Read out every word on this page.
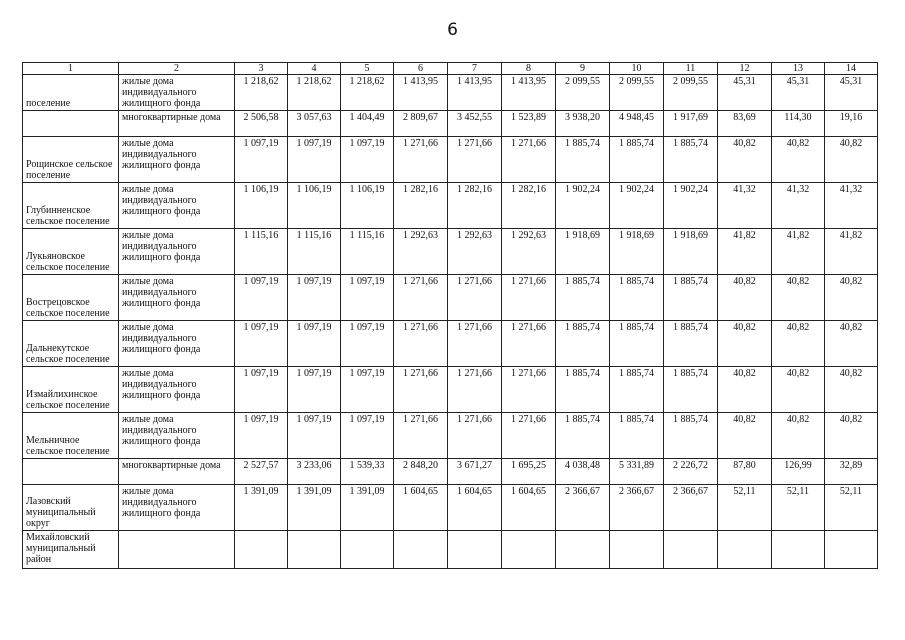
6
1	2	3	4	5	6	7	8	9	10	11	12	13	14
поселение	жилые дома индивидуального жилищного фонда	1 218,62	1 218,62	1 218,62	1 413,95	1 413,95	1 413,95	2 099,55	2 099,55	2 099,55	45,31	45,31	45,31
	многоквартирные дома	2 506,58	3 057,63	1 404,49	2 809,67	3 452,55	1 523,89	3 938,20	4 948,45	1 917,69	83,69	114,30	19,16
Рощинское сельское поселение	жилые дома индивидуального жилищного фонда	1 097,19	1 097,19	1 097,19	1 271,66	1 271,66	1 271,66	1 885,74	1 885,74	1 885,74	40,82	40,82	40,82
Глубинненское сельское поселение	жилые дома индивидуального жилищного фонда	1 106,19	1 106,19	1 106,19	1 282,16	1 282,16	1 282,16	1 902,24	1 902,24	1 902,24	41,32	41,32	41,32
Лукьяновское сельское поселение	жилые дома индивидуального жилищного фонда	1 115,16	1 115,16	1 115,16	1 292,63	1 292,63	1 292,63	1 918,69	1 918,69	1 918,69	41,82	41,82	41,82
Вострецовское сельское поселение	жилые дома индивидуального жилищного фонда	1 097,19	1 097,19	1 097,19	1 271,66	1 271,66	1 271,66	1 885,74	1 885,74	1 885,74	40,82	40,82	40,82
Дальнекутское сельское поселение	жилые дома индивидуального жилищного фонда	1 097,19	1 097,19	1 097,19	1 271,66	1 271,66	1 271,66	1 885,74	1 885,74	1 885,74	40,82	40,82	40,82
Измайлихинское сельское поселение	жилые дома индивидуального жилищного фонда	1 097,19	1 097,19	1 097,19	1 271,66	1 271,66	1 271,66	1 885,74	1 885,74	1 885,74	40,82	40,82	40,82
Мельничное сельское поселение	жилые дома индивидуального жилищного фонда	1 097,19	1 097,19	1 097,19	1 271,66	1 271,66	1 271,66	1 885,74	1 885,74	1 885,74	40,82	40,82	40,82
	многоквартирные дома	2 527,57	3 233,06	1 539,33	2 848,20	3 671,27	1 695,25	4 038,48	5 331,89	2 226,72	87,80	126,99	32,89
Лазовский муниципальный округ	жилые дома индивидуального жилищного фонда	1 391,09	1 391,09	1 391,09	1 604,65	1 604,65	1 604,65	2 366,67	2 366,67	2 366,67	52,11	52,11	52,11
Михайловский муниципальный район													
